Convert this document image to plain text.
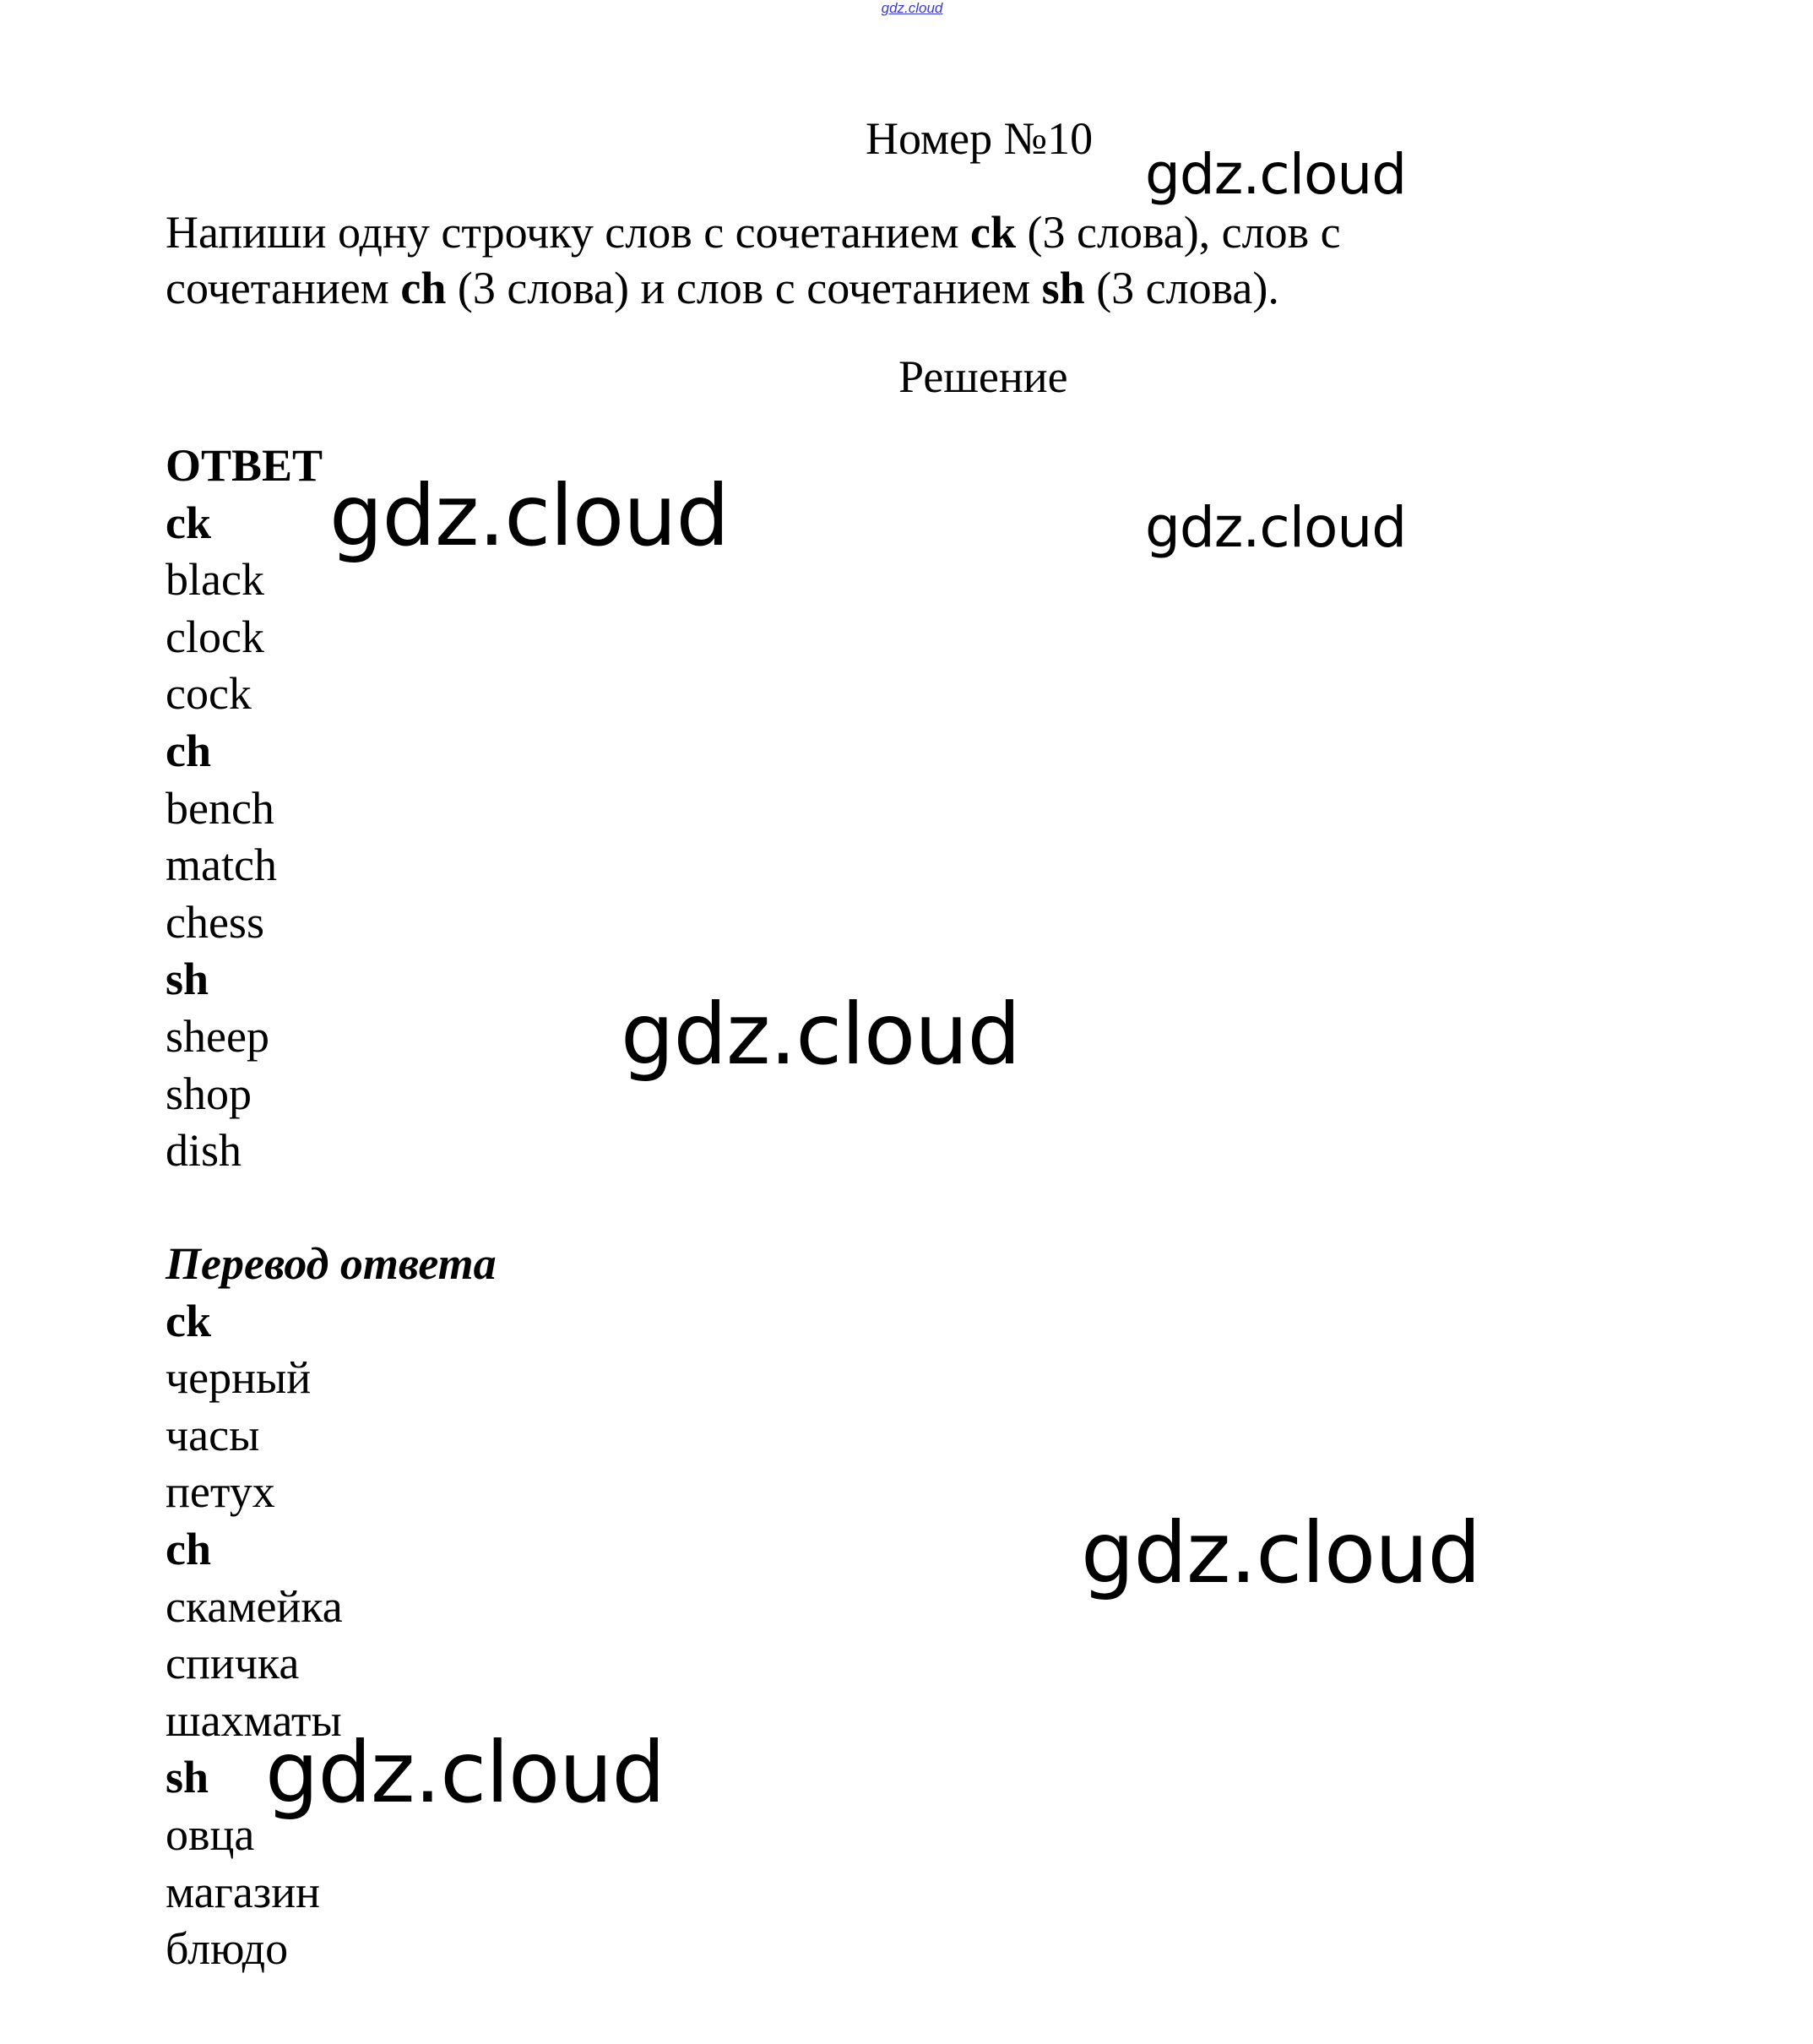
gdz.cloud
Номер №10
Напиши одну строчку слов с сочетанием ck (3 слова), слов с
сочетанием ch (3 слова) и слов с сочетанием sh (3 слова).
Решение
ОТВЕТ
ck
black
clock
cock
ch
bench
match
chess
sh
sheep
shop
dish
Перевод ответа
ck
черный
часы
петух
ch
скамейка
спичка
шахматы
sh
овца
магазин
блюдо
gdz.cloud
gdz.cloud	gdz.cloud
gdz.cloud
gdz.cloud
gdz.cloud
